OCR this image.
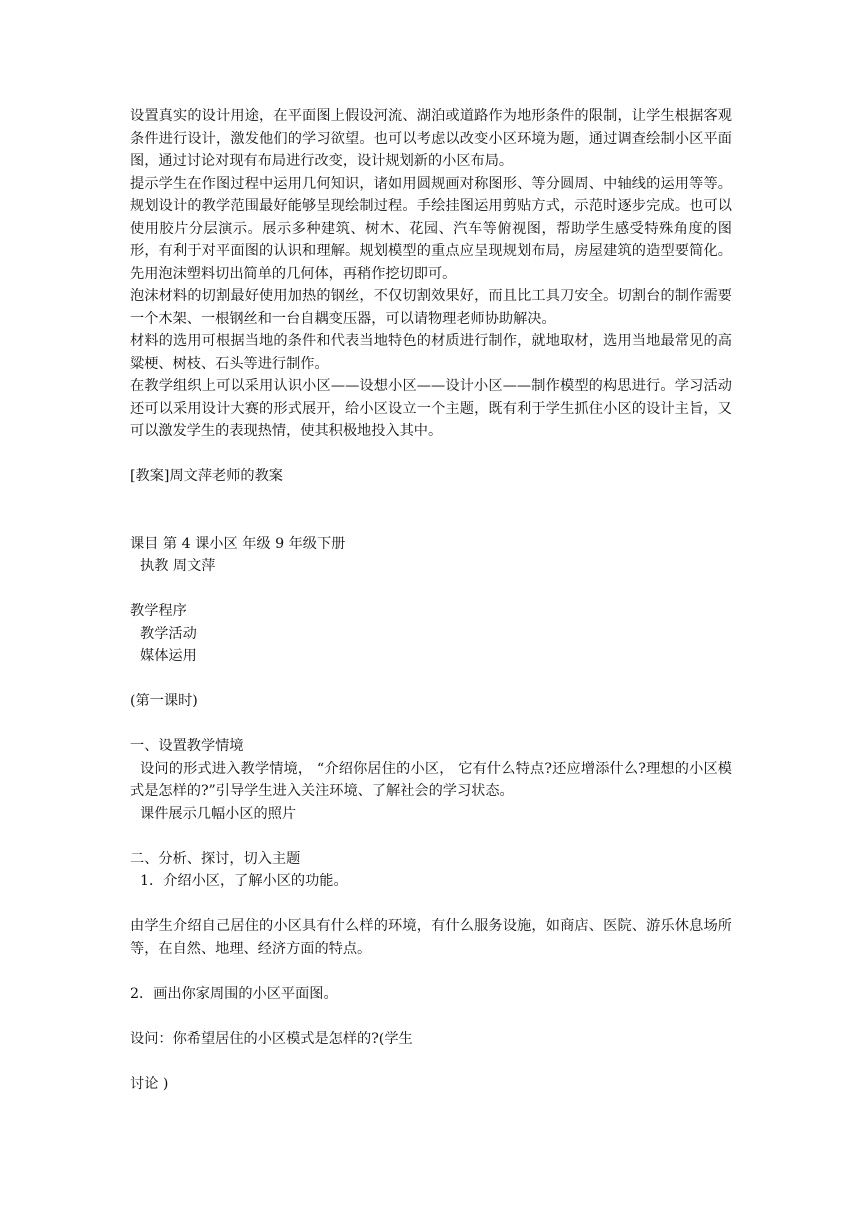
设置真实的设计用途，在平面图上假设河流、湖泊或道路作为地形条件的限制，让学生根据客观条件进行设计，激发他们的学习欲望。也可以考虑以改变小区环境为题，通过调查绘制小区平面图，通过讨论对现有布局进行改变，设计规划新的小区布局。

提示学生在作图过程中运用几何知识，诸如用圆规画对称图形、等分圆周、中轴线的运用等等。规划设计的教学范围最好能够呈现绘制过程。手绘挂图运用剪贴方式，示范时逐步完成。也可以使用胶片分层演示。展示多种建筑、树木、花园、汽车等俯视图，帮助学生感受特殊角度的图形，有利于对平面图的认识和理解。规划模型的重点应呈现规划布局，房屋建筑的造型要简化。先用泡沫塑料切出简单的几何体，再稍作挖切即可。

泡沫材料的切割最好使用加热的钢丝，不仅切割效果好，而且比工具刀安全。切割台的制作需要一个木架、一根钢丝和一台自耦变压器，可以请物理老师协助解决。

材料的选用可根据当地的条件和代表当地特色的材质进行制作，就地取材，选用当地最常见的高粱梗、树枝、石头等进行制作。

在教学组织上可以采用认识小区——设想小区——设计小区——制作模型的构思进行。学习活动还可以采用设计大赛的形式展开，给小区设立一个主题，既有利于学生抓住小区的设计主旨，又可以激发学生的表现热情，使其积极地投入其中。

[教案]周文萍老师的教案

课目 第 4 课小区 年级 9 年级下册

执教 周文萍

教学程序

教学活动

媒体运用

(第一课时)

一、设置教学情境

设问的形式进入教学情境， “介绍你居住的小区， 它有什么特点?还应增添什么?理想的小区模式是怎样的?”引导学生进入关注环境、了解社会的学习状态。

课件展示几幅小区的照片

二、分析、探讨，切入主题

1．介绍小区，了解小区的功能。

由学生介绍自己居住的小区具有什么样的环境，有什么服务设施，如商店、医院、游乐休息场所等，在自然、地理、经济方面的特点。

2．画出你家周围的小区平面图。

设问：你希望居住的小区模式是怎样的?(学生

讨论 )
